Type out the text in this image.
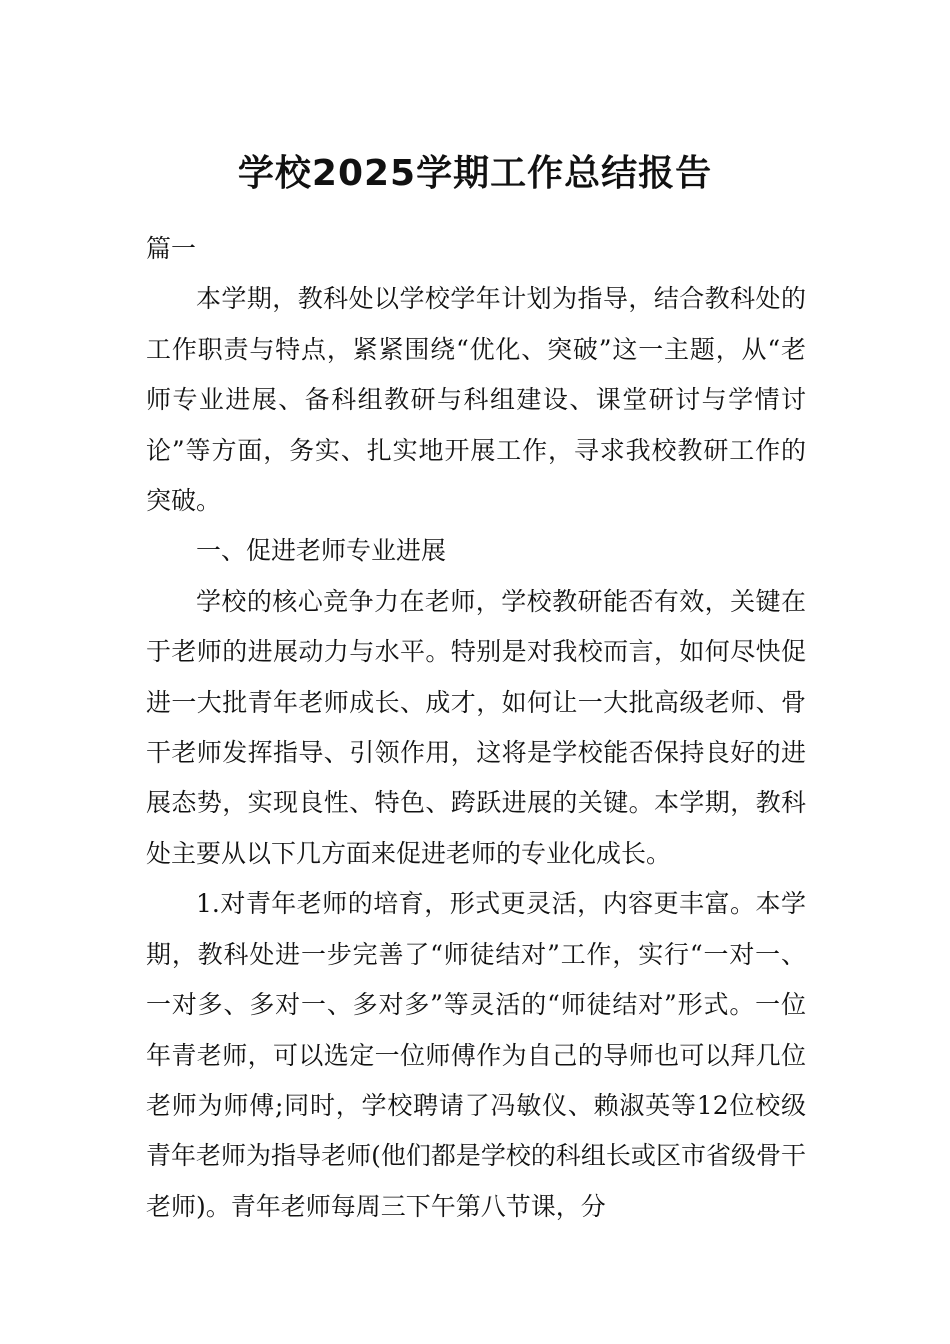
学校2025学期工作总结报告

篇一

本学期，教科处以学校学年计划为指导，结合教科处的工作职责与特点，紧紧围绕“优化、突破”这一主题，从“老师专业进展、备科组教研与科组建设、课堂研讨与学情讨论”等方面，务实、扎实地开展工作，寻求我校教研工作的突破。

一、促进老师专业进展

学校的核心竞争力在老师，学校教研能否有效，关键在于老师的进展动力与水平。特别是对我校而言，如何尽快促进一大批青年老师成长、成才，如何让一大批高级老师、骨干老师发挥指导、引领作用，这将是学校能否保持良好的进展态势，实现良性、特色、跨跃进展的关键。本学期，教科处主要从以下几方面来促进老师的专业化成长。

1.对青年老师的培育，形式更灵活，内容更丰富。本学期，教科处进一步完善了“师徒结对”工作，实行“一对一、一对多、多对一、多对多”等灵活的“师徒结对”形式。一位年青老师，可以选定一位师傅作为自己的导师也可以拜几位老师为师傅;同时，学校聘请了冯敏仪、赖淑英等12位校级青年老师为指导老师(他们都是学校的科组长或区市省级骨干老师)。青年老师每周三下午第八节课，分
